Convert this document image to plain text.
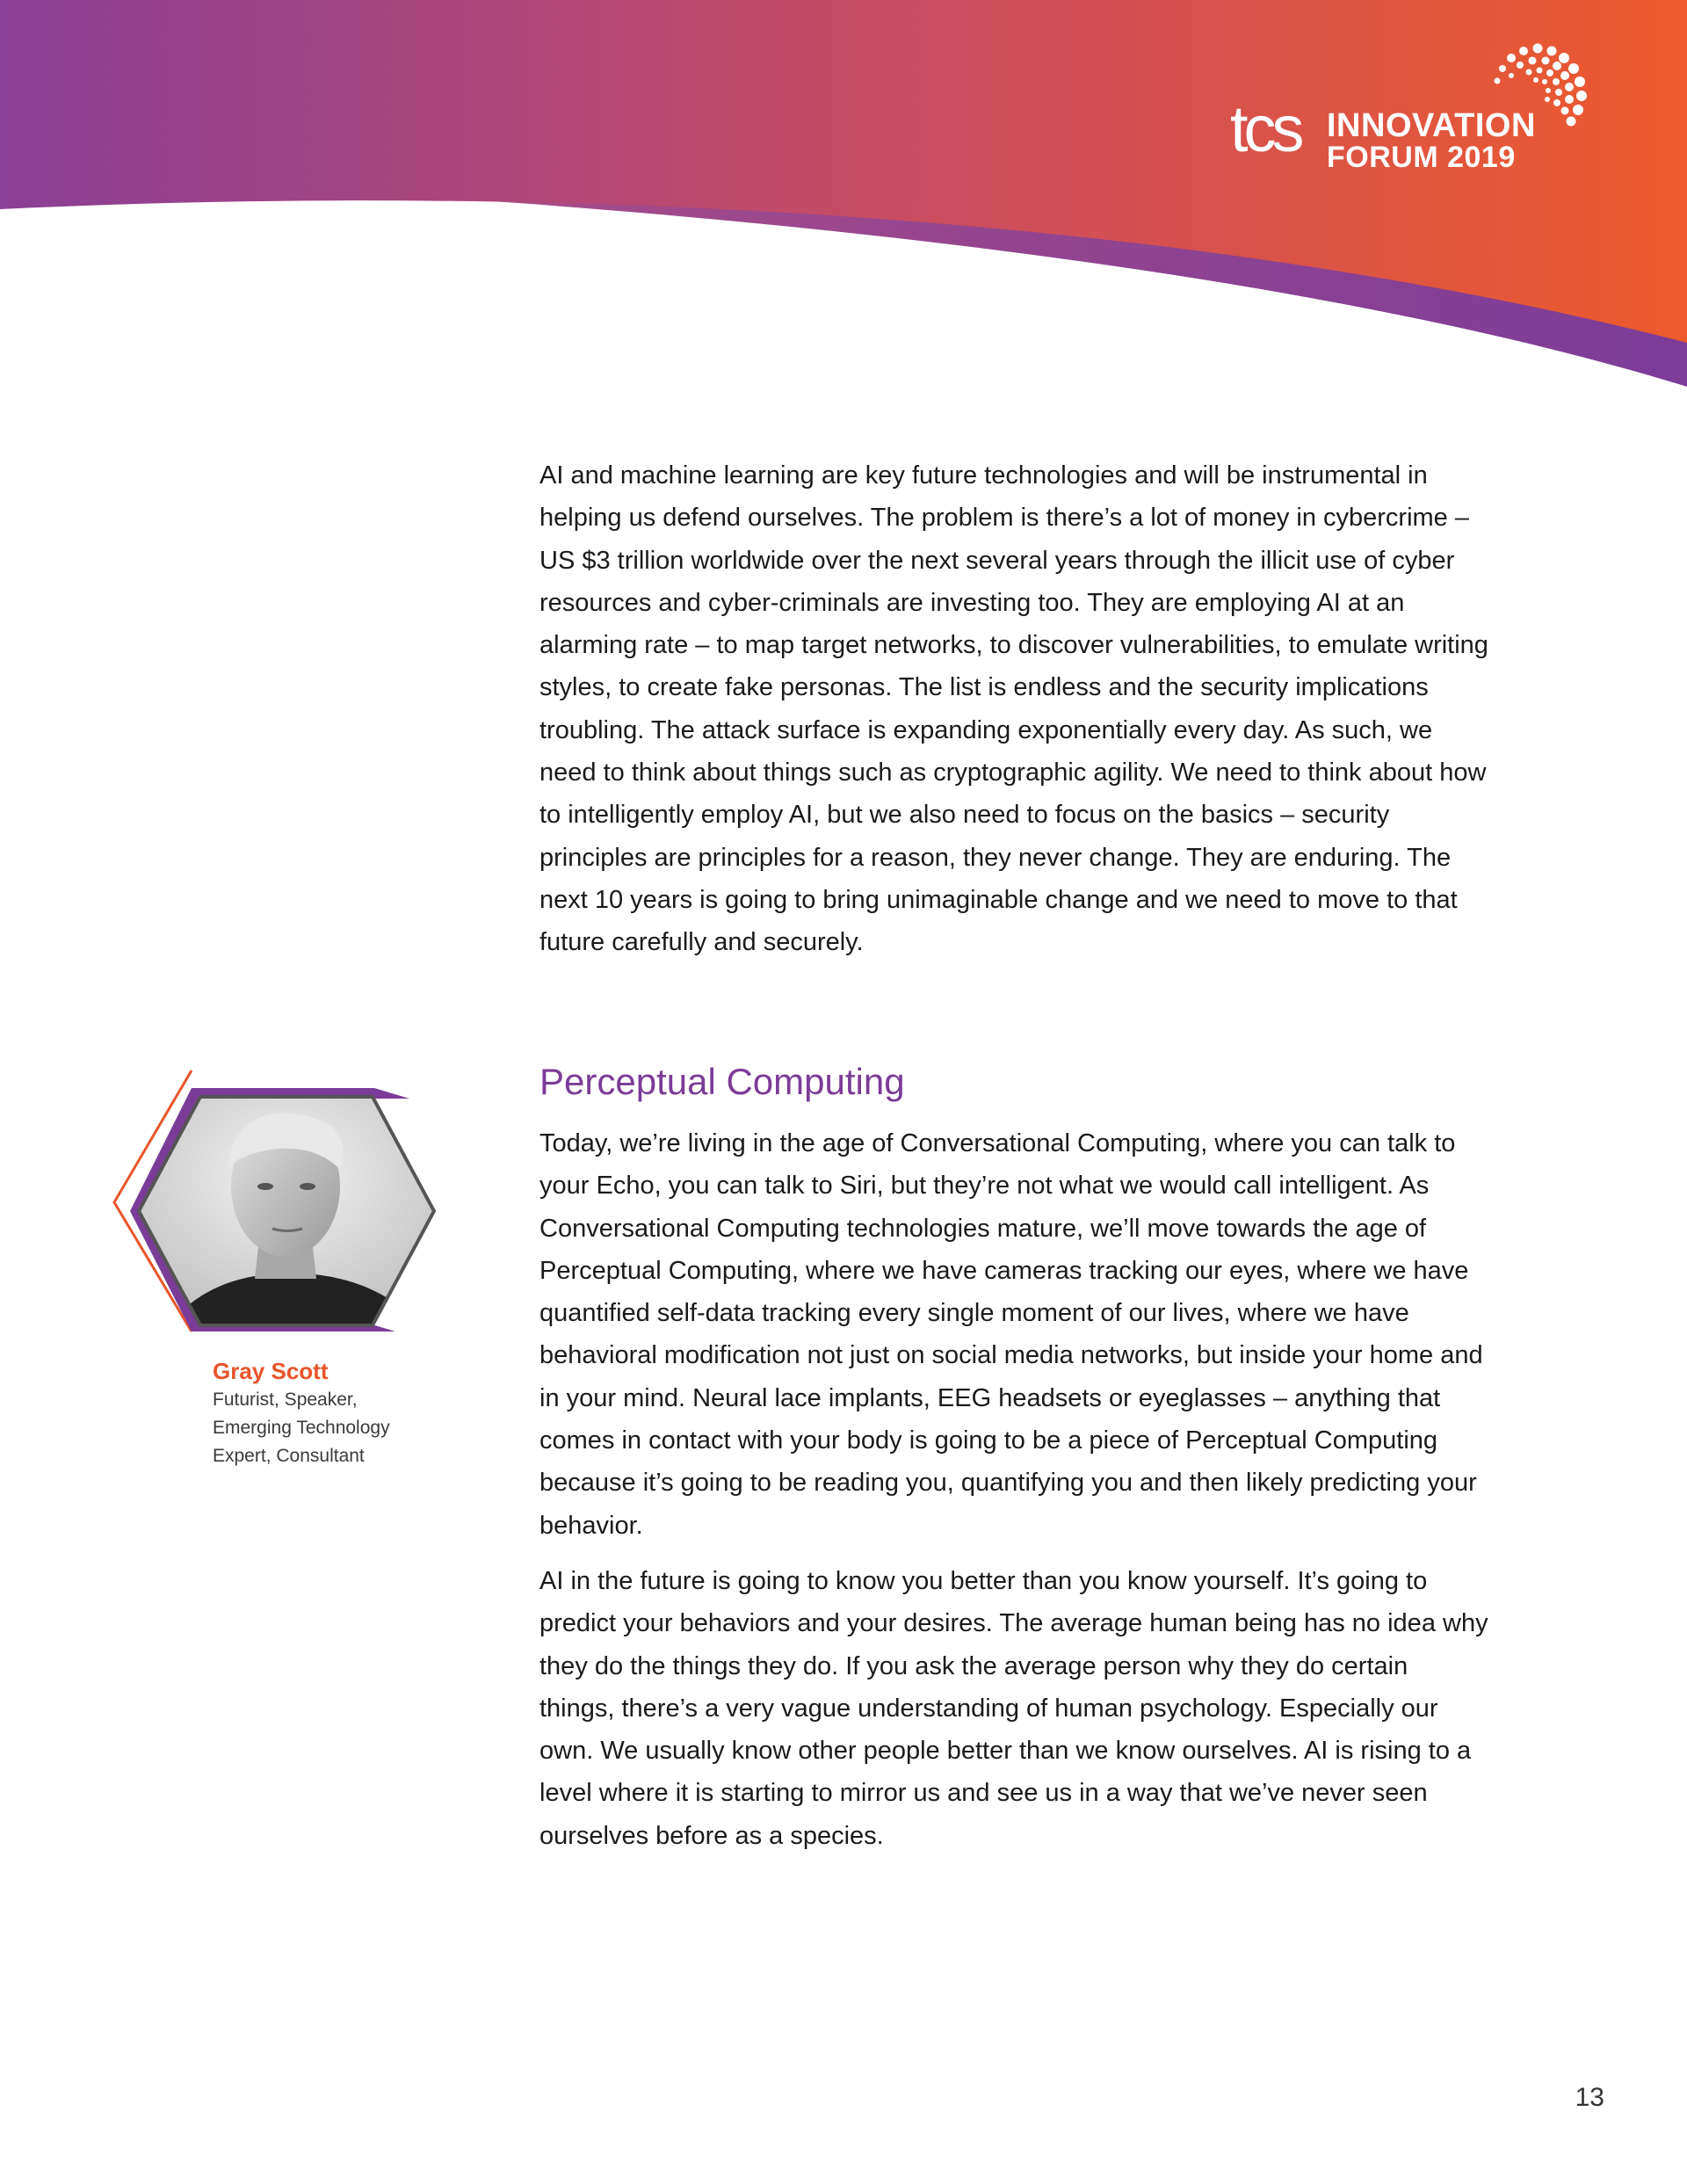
tcs INNOVATION
FORUM 2019

AI and machine learning are key future technologies and will be instrumental in helping us defend ourselves. The problem is there’s a lot of money in cybercrime – US $3 trillion worldwide over the next several years through the illicit use of cyber resources and cyber-criminals are investing too. They are employing AI at an alarming rate – to map target networks, to discover vulnerabilities, to emulate writing styles, to create fake personas. The list is endless and the security implications troubling. The attack surface is expanding exponentially every day. As such, we need to think about things such as cryptographic agility. We need to think about how to intelligently employ AI, but we also need to focus on the basics – security principles are principles for a reason, they never change. They are enduring. The next 10 years is going to bring unimaginable change and we need to move to that future carefully and securely.

Perceptual Computing

Today, we’re living in the age of Conversational Computing, where you can talk to your Echo, you can talk to Siri, but they’re not what we would call intelligent. As Conversational Computing technologies mature, we’ll move towards the age of Perceptual Computing, where we have cameras tracking our eyes, where we have quantified self-data tracking every single moment of our lives, where we have behavioral modification not just on social media networks, but inside your home and in your mind. Neural lace implants, EEG headsets or eyeglasses – anything that comes in contact with your body is going to be a piece of Perceptual Computing because it’s going to be reading you, quantifying you and then likely predicting your behavior.

AI in the future is going to know you better than you know yourself. It’s going to predict your behaviors and your desires. The average human being has no idea why they do the things they do. If you ask the average person why they do certain things, there’s a very vague understanding of human psychology. Especially our own. We usually know other people better than we know ourselves. AI is rising to a level where it is starting to mirror us and see us in a way that we’ve never seen ourselves before as a species.

Gray Scott

Futurist, Speaker,
Emerging Technology
Expert, Consultant

13
